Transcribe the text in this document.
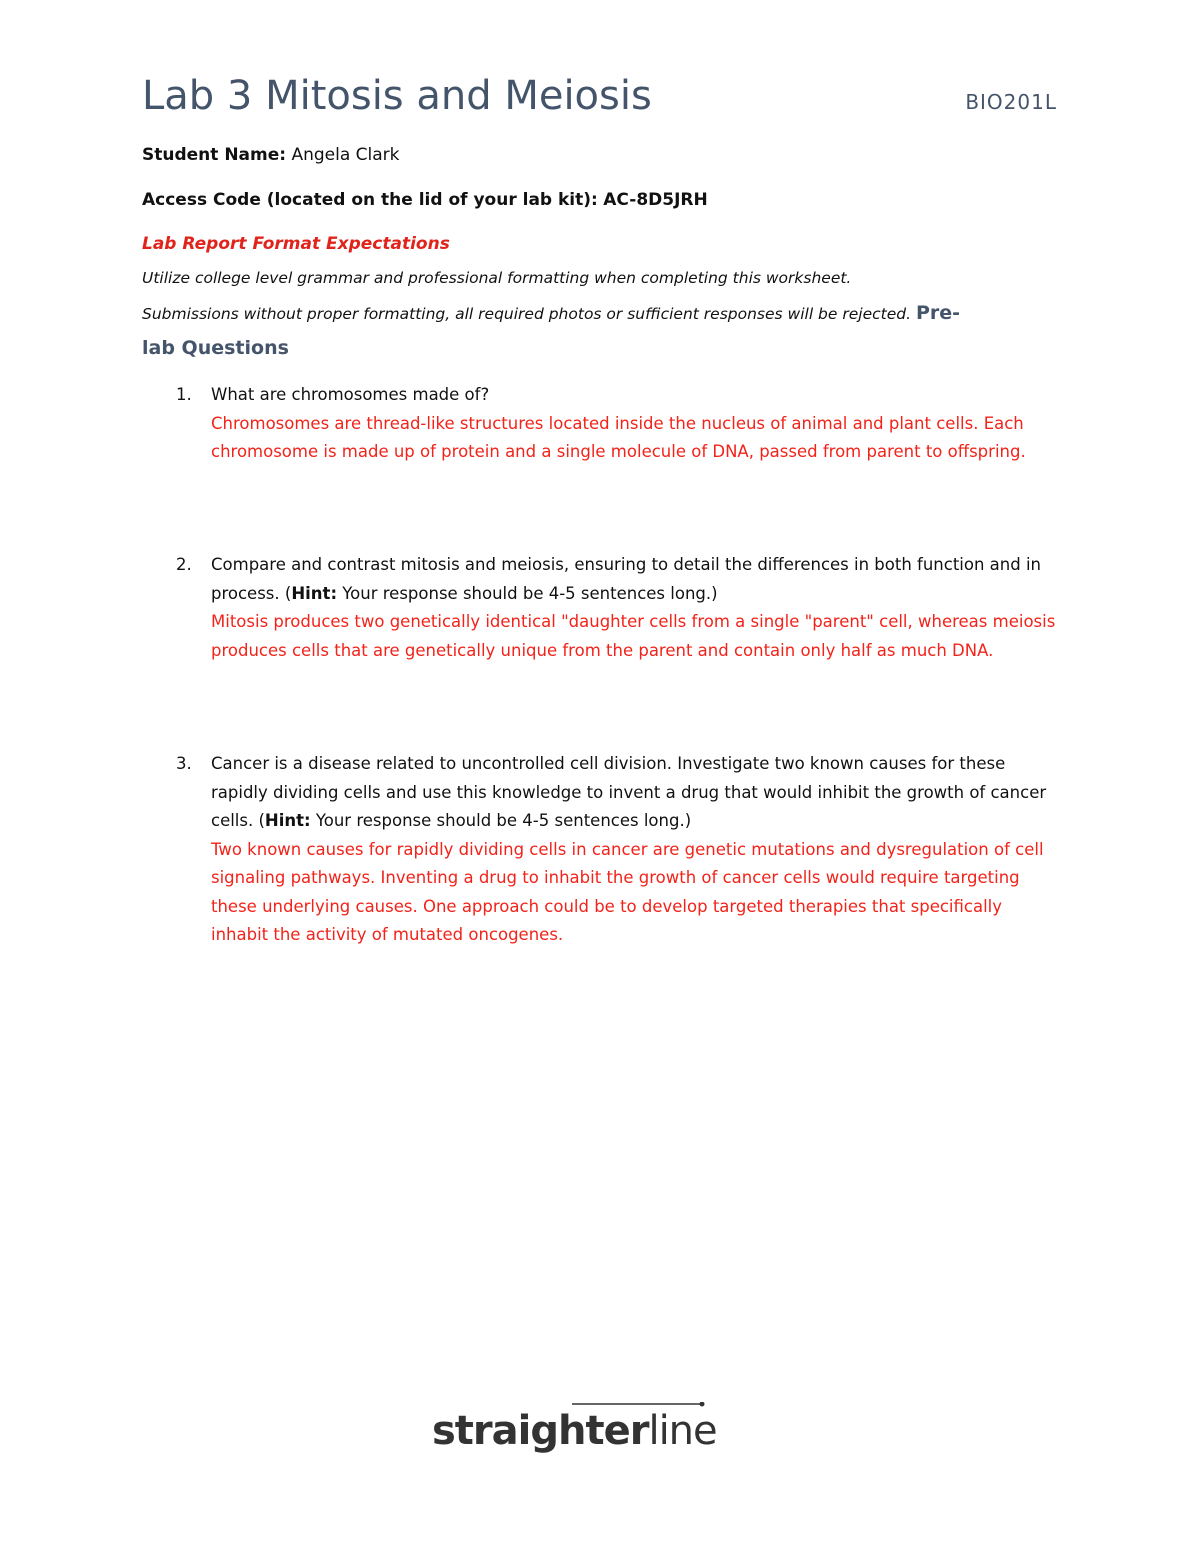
Lab 3 Mitosis and Meiosis	BIO201L
Student Name: Angela Clark
Access Code (located on the lid of your lab kit): AC-8D5JRH
Lab Report Format Expectations
Utilize college level grammar and professional formatting when completing this worksheet.
Submissions without proper formatting, all required photos or sufficient responses will be rejected. Pre-
lab Questions
1. What are chromosomes made of?
Chromosomes are thread-like structures located inside the nucleus of animal and plant cells. Each chromosome is made up of protein and a single molecule of DNA, passed from parent to offspring.
2. Compare and contrast mitosis and meiosis, ensuring to detail the differences in both function and in process. (Hint: Your response should be 4-5 sentences long.)
Mitosis produces two genetically identical "daughter cells from a single "parent" cell, whereas meiosis produces cells that are genetically unique from the parent and contain only half as much DNA.
3. Cancer is a disease related to uncontrolled cell division. Investigate two known causes for these rapidly dividing cells and use this knowledge to invent a drug that would inhibit the growth of cancer cells. (Hint: Your response should be 4-5 sentences long.)
Two known causes for rapidly dividing cells in cancer are genetic mutations and dysregulation of cell signaling pathways. Inventing a drug to inhabit the growth of cancer cells would require targeting these underlying causes. One approach could be to develop targeted therapies that specifically inhabit the activity of mutated oncogenes.
straighterline
